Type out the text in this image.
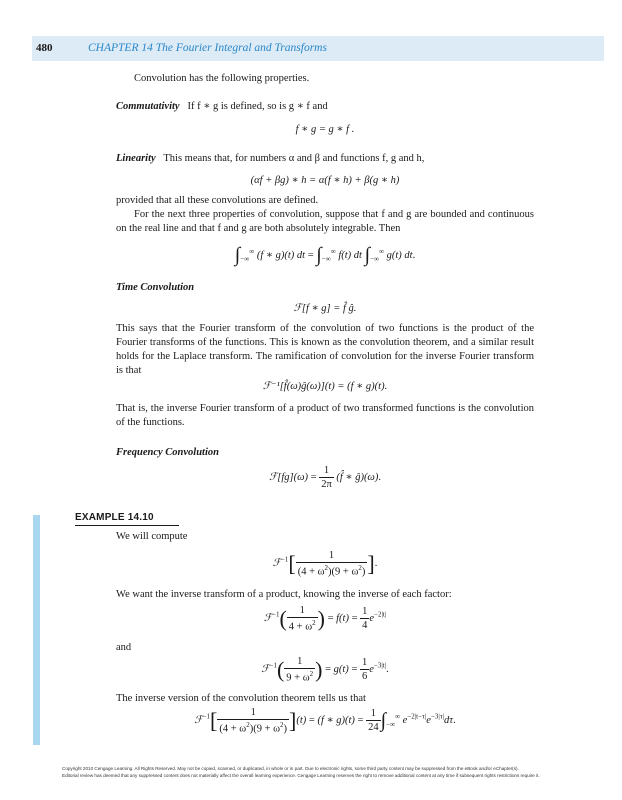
480	CHAPTER 14 The Fourier Integral and Transforms
Convolution has the following properties.
Commutativity If f ∗ g is defined, so is g ∗ f and
f ∗ g = g ∗ f .
Linearity This means that, for numbers α and β and functions f, g and h,
(αf + βg) ∗ h = α(f ∗ h) + β(g ∗ h)
provided that all these convolutions are defined.
For the next three properties of convolution, suppose that f and g are bounded and continuous on the real line and that f and g are both absolutely integrable. Then
$\int_{-\infty}^\infty$ (f ∗ g)(t) dt = $\int_{-\infty}^\infty$ f(t) dt $\int_{-\infty}^\infty$ g(t) dt.
Time Convolution
ℱ[f ∗ g] = f̂ ĝ.
This says that the Fourier transform of the convolution of two functions is the product of the Fourier transforms of the functions. This is known as the convolution theorem, and a similar result holds for the Laplace transform. The ramification of convolution for the inverse Fourier transform is that
ℱ⁻¹[f̂(ω)ĝ(ω)](t) = (f ∗ g)(t).
That is, the inverse Fourier transform of a product of two transformed functions is the convolution of the functions.
Frequency Convolution
ℱ[fg](ω) = $\frac{1}{2\pi}$ (f̂ ∗ ĝ)(ω).
EXAMPLE 14.10
We will compute
ℱ$^{-1}$[ $\frac{1}{(4 + \omega^2)(9 + \omega^2)}$ ].
We want the inverse transform of a product, knowing the inverse of each factor:
ℱ$^{-1}$( $\frac{1}{4 + \omega^2}$ ) = $f(t) = \frac{1}{4} e^{-2|t|}$
and
ℱ$^{-1}$( $\frac{1}{9 + \omega^2}$ ) = $g(t) = \frac{1}{6} e^{-3|t|}$.
The inverse version of the convolution theorem tells us that
ℱ$^{-1}$[ $\frac{1}{(4 + \omega^2)(9 + \omega^2)} ](t) = (f$ ∗ $g)(t) = \frac{1}{24} \int_{-\infty}^\infty$ $e^{-2|t-\tau|}e^{-3|\tau|}d\tau$.
Copyright 2010 Cengage Learning. All Rights Reserved. May not be copied, scanned, or duplicated, in whole or in part. Due to electronic rights, some third party content may be suppressed from the eBook and/or eChapter(s).
Editorial review has deemed that any suppressed content does not materially affect the overall learning experience. Cengage Learning reserves the right to remove additional content at any time if subsequent rights restrictions require it.
